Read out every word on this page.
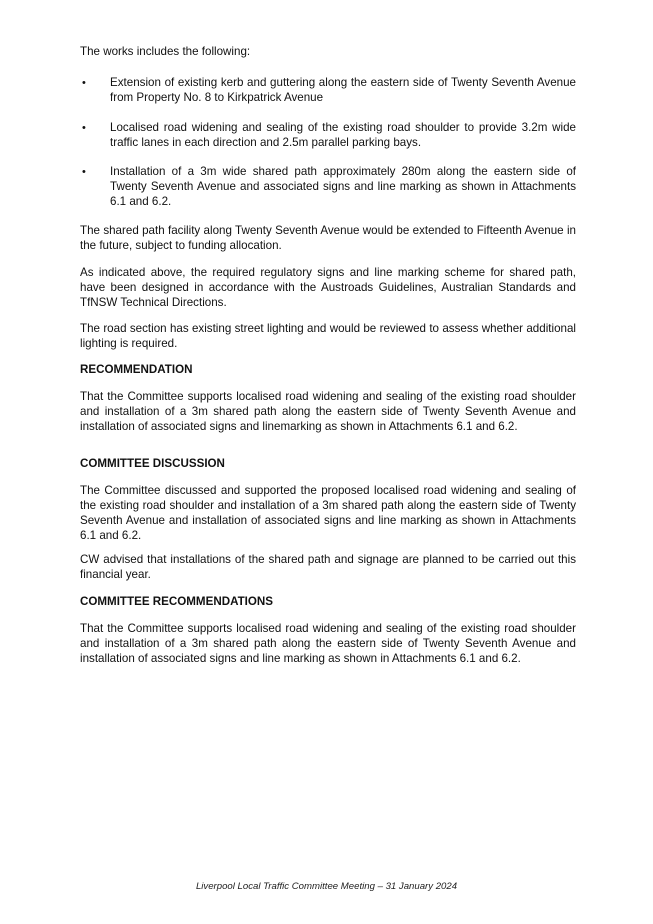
The works includes the following:

• Extension of existing kerb and guttering along the eastern side of Twenty Seventh Avenue from Property No. 8 to Kirkpatrick Avenue

• Localised road widening and sealing of the existing road shoulder to provide 3.2m wide traffic lanes in each direction and 2.5m parallel parking bays.

• Installation of a 3m wide shared path approximately 280m along the eastern side of Twenty Seventh Avenue and associated signs and line marking as shown in Attachments 6.1 and 6.2.

The shared path facility along Twenty Seventh Avenue would be extended to Fifteenth Avenue in the future, subject to funding allocation.

As indicated above, the required regulatory signs and line marking scheme for shared path, have been designed in accordance with the Austroads Guidelines, Australian Standards and TfNSW Technical Directions.

The road section has existing street lighting and would be reviewed to assess whether additional lighting is required.

RECOMMENDATION

That the Committee supports localised road widening and sealing of the existing road shoulder and installation of a 3m shared path along the eastern side of Twenty Seventh Avenue and installation of associated signs and linemarking as shown in Attachments 6.1 and 6.2.

COMMITTEE DISCUSSION

The Committee discussed and supported the proposed localised road widening and sealing of the existing road shoulder and installation of a 3m shared path along the eastern side of Twenty Seventh Avenue and installation of associated signs and line marking as shown in Attachments 6.1 and 6.2.

CW advised that installations of the shared path and signage are planned to be carried out this financial year.

COMMITTEE RECOMMENDATIONS

That the Committee supports localised road widening and sealing of the existing road shoulder and installation of a 3m shared path along the eastern side of Twenty Seventh Avenue and installation of associated signs and line marking as shown in Attachments 6.1 and 6.2.

Liverpool Local Traffic Committee Meeting – 31 January 2024
